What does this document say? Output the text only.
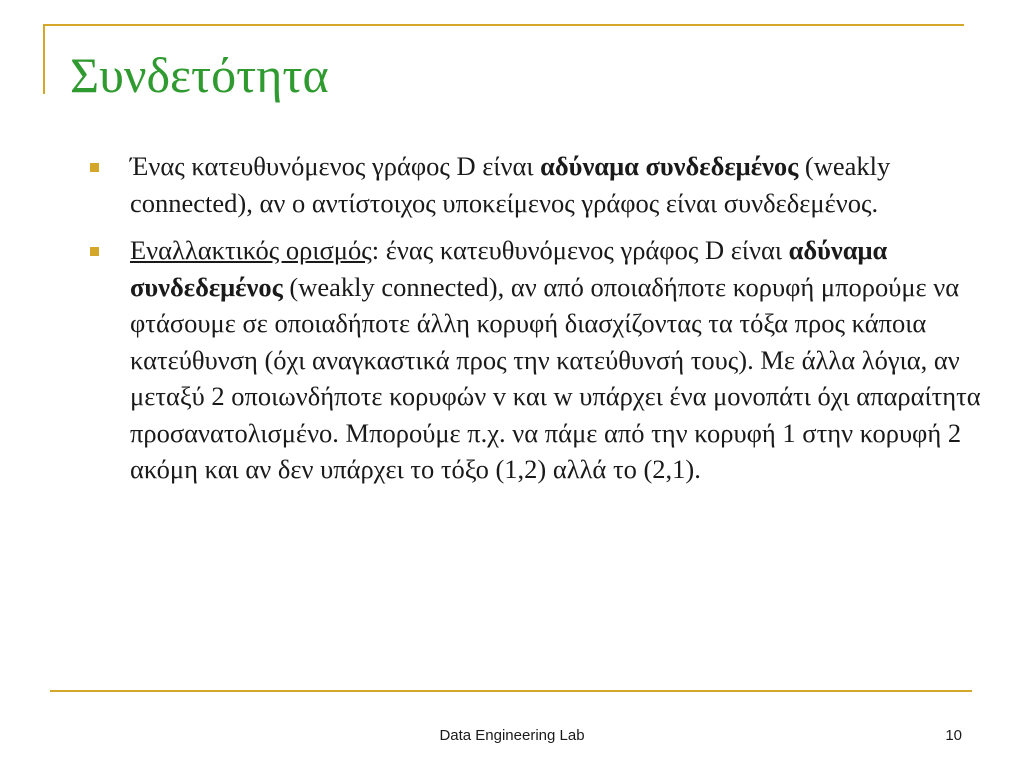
Συνδετότητα
Ένας κατευθυνόμενος γράφος D είναι αδύναμα συνδεδεμένος (weakly connected), αν ο αντίστοιχος υποκείμενος γράφος είναι συνδεδεμένος.
Εναλλακτικός ορισμός: ένας κατευθυνόμενος γράφος D είναι αδύναμα συνδεδεμένος (weakly connected), αν από οποιαδήποτε κορυφή μπορούμε να φτάσουμε σε οποιαδήποτε άλλη κορυφή διασχίζοντας τα τόξα προς κάποια κατεύθυνση (όχι αναγκαστικά προς την κατεύθυνσή τους). Με άλλα λόγια, αν μεταξύ 2 οποιωνδήποτε κορυφών v και w υπάρχει ένα μονοπάτι όχι απαραίτητα προσανατολισμένο. Μπορούμε π.χ. να πάμε από την κορυφή 1 στην κορυφή 2 ακόμη και αν δεν υπάρχει το τόξο (1,2) αλλά το (2,1).
Data Engineering Lab	10
